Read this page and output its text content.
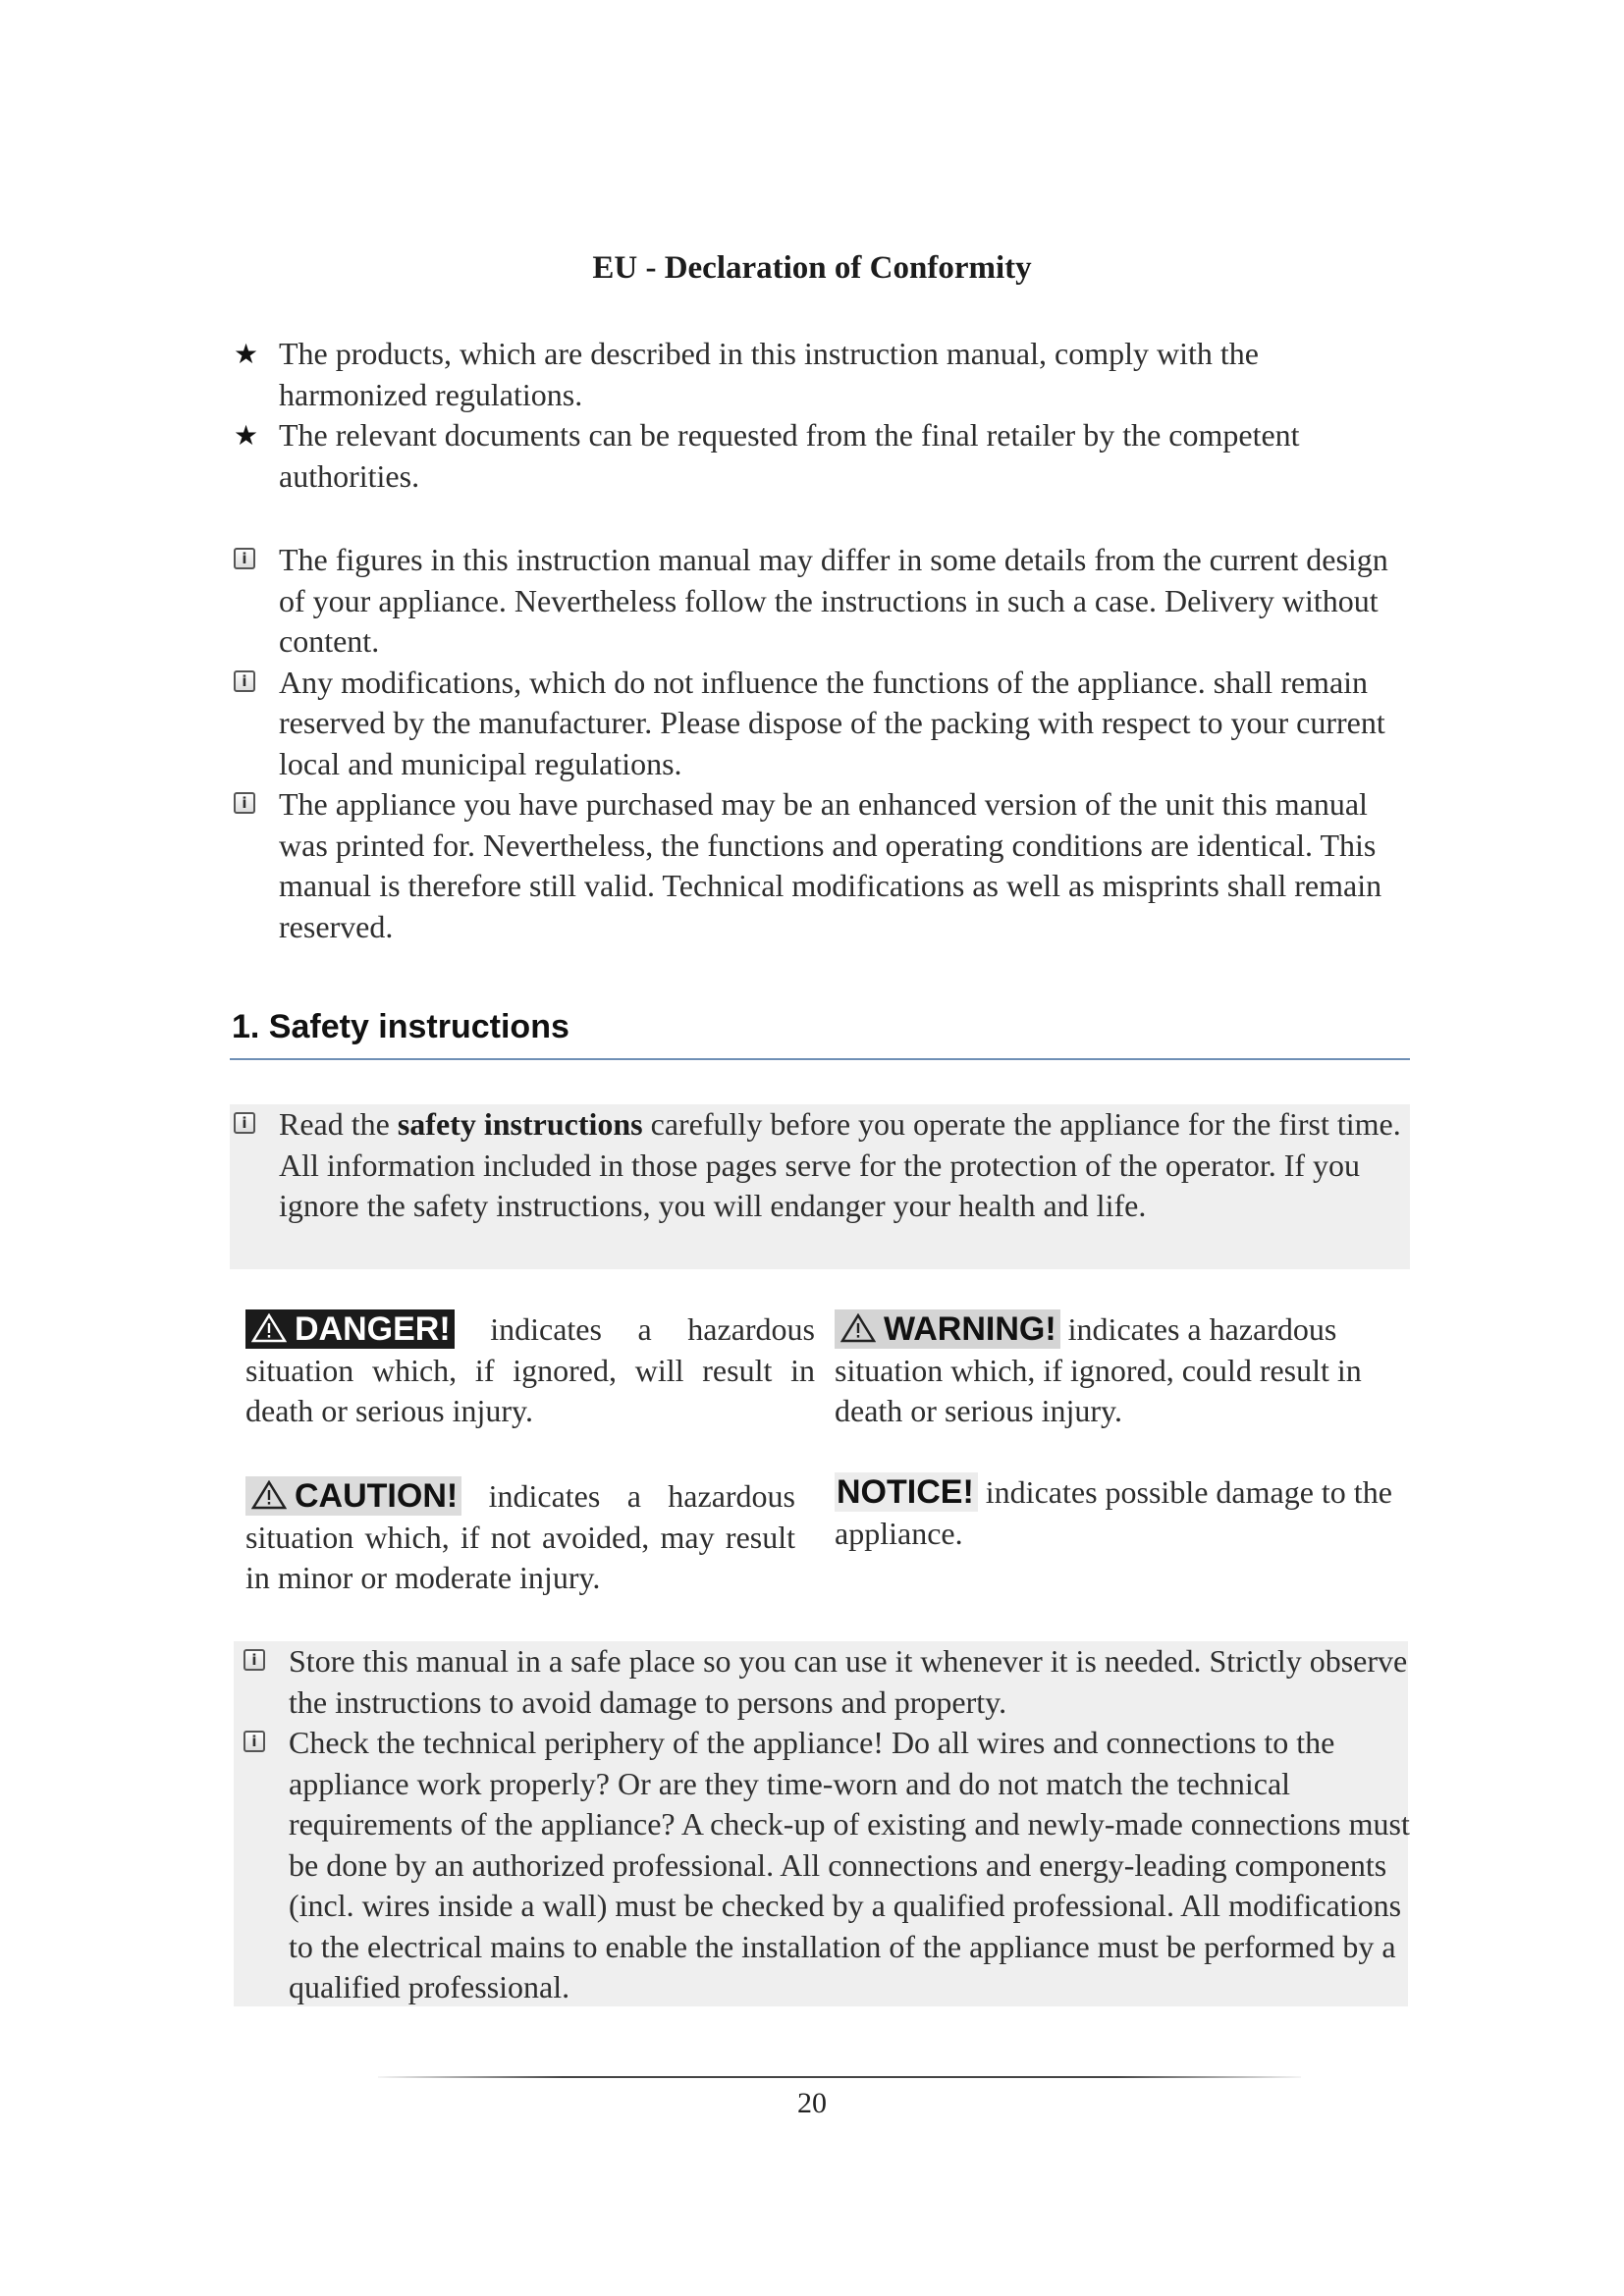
EU - Declaration of Conformity
★ The products, which are described in this instruction manual, comply with the harmonized regulations.
★ The relevant documents can be requested from the final retailer by the competent authorities.
i The figures in this instruction manual may differ in some details from the current design of your appliance. Nevertheless follow the instructions in such a case. Delivery without content.
i Any modifications, which do not influence the functions of the appliance. shall remain reserved by the manufacturer. Please dispose of the packing with respect to your current local and municipal regulations.
i The appliance you have purchased may be an enhanced version of the unit this manual was printed for. Nevertheless, the functions and operating conditions are identical. This manual is therefore still valid. Technical modifications as well as misprints shall remain reserved.
1. Safety instructions
i Read the safety instructions carefully before you operate the appliance for the first time. All information included in those pages serve for the protection of the operator. If you ignore the safety instructions, you will endanger your health and life.
DANGER! indicates a hazardous situation which, if ignored, will result in death or serious injury.
WARNING! indicates a hazardous situation which, if ignored, could result in death or serious injury.
CAUTION! indicates a hazardous situation which, if not avoided, may result in minor or moderate injury.
NOTICE! indicates possible damage to the appliance.
i Store this manual in a safe place so you can use it whenever it is needed. Strictly observe the instructions to avoid damage to persons and property.
i Check the technical periphery of the appliance! Do all wires and connections to the appliance work properly? Or are they time-worn and do not match the technical requirements of the appliance? A check-up of existing and newly-made connections must be done by an authorized professional. All connections and energy-leading components (incl. wires inside a wall) must be checked by a qualified professional. All modifications to the electrical mains to enable the installation of the appliance must be performed by a qualified professional.
20
